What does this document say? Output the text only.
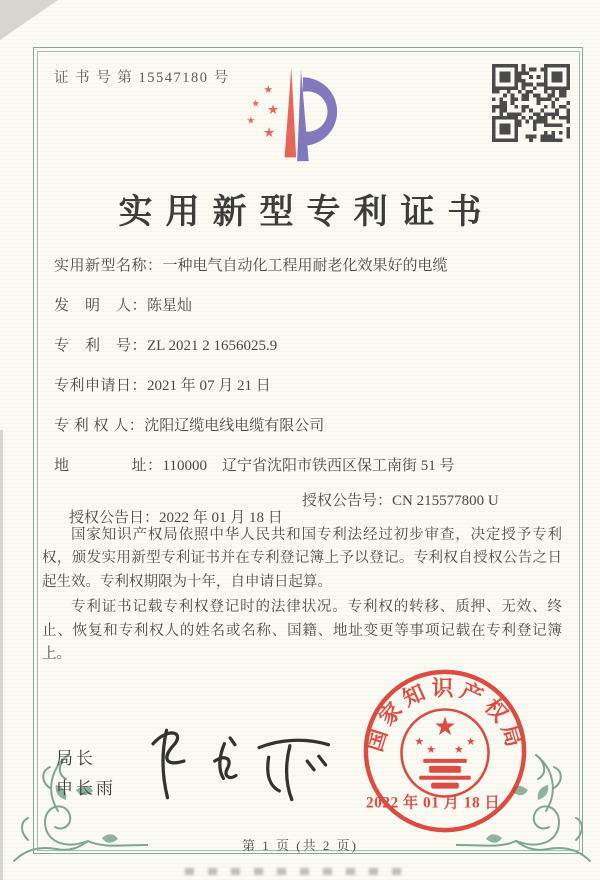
证 书 号 第 15547180 号
★
★ ★
★
★
实用新型专利证书
实用新型名称：一种电气自动化工程用耐老化效果好的电缆
发　明　人：陈星灿
专　利　号：ZL 2021 2 1656025.9
专利申请日：2021 年 07 月 21 日
专 利 权 人：沈阳辽缆电线电缆有限公司
地　　　　址：110000　辽宁省沈阳市铁西区保工南街 51 号

授权公告日：2022 年 01 月 18 日

授权公告号：CN 215577800 U

国家知识产权局依照中华人民共和国专利法经过初步审查，决定授予专利权，颁发实用新型专利证书并在专利登记簿上予以登记。专利权自授权公告之日起生效。专利权期限为十年，自申请日起算。

专利证书记载专利权登记时的法律状况。专利权的转移、质押、无效、终止、恢复和专利权人的姓名或名称、国籍、地址变更等事项记载在专利登记簿上。

局长
申长雨
国家知识产权局
★
★
★ ★
★
2022 年 01 月 18 日
第 1 页 (共 2 页)
